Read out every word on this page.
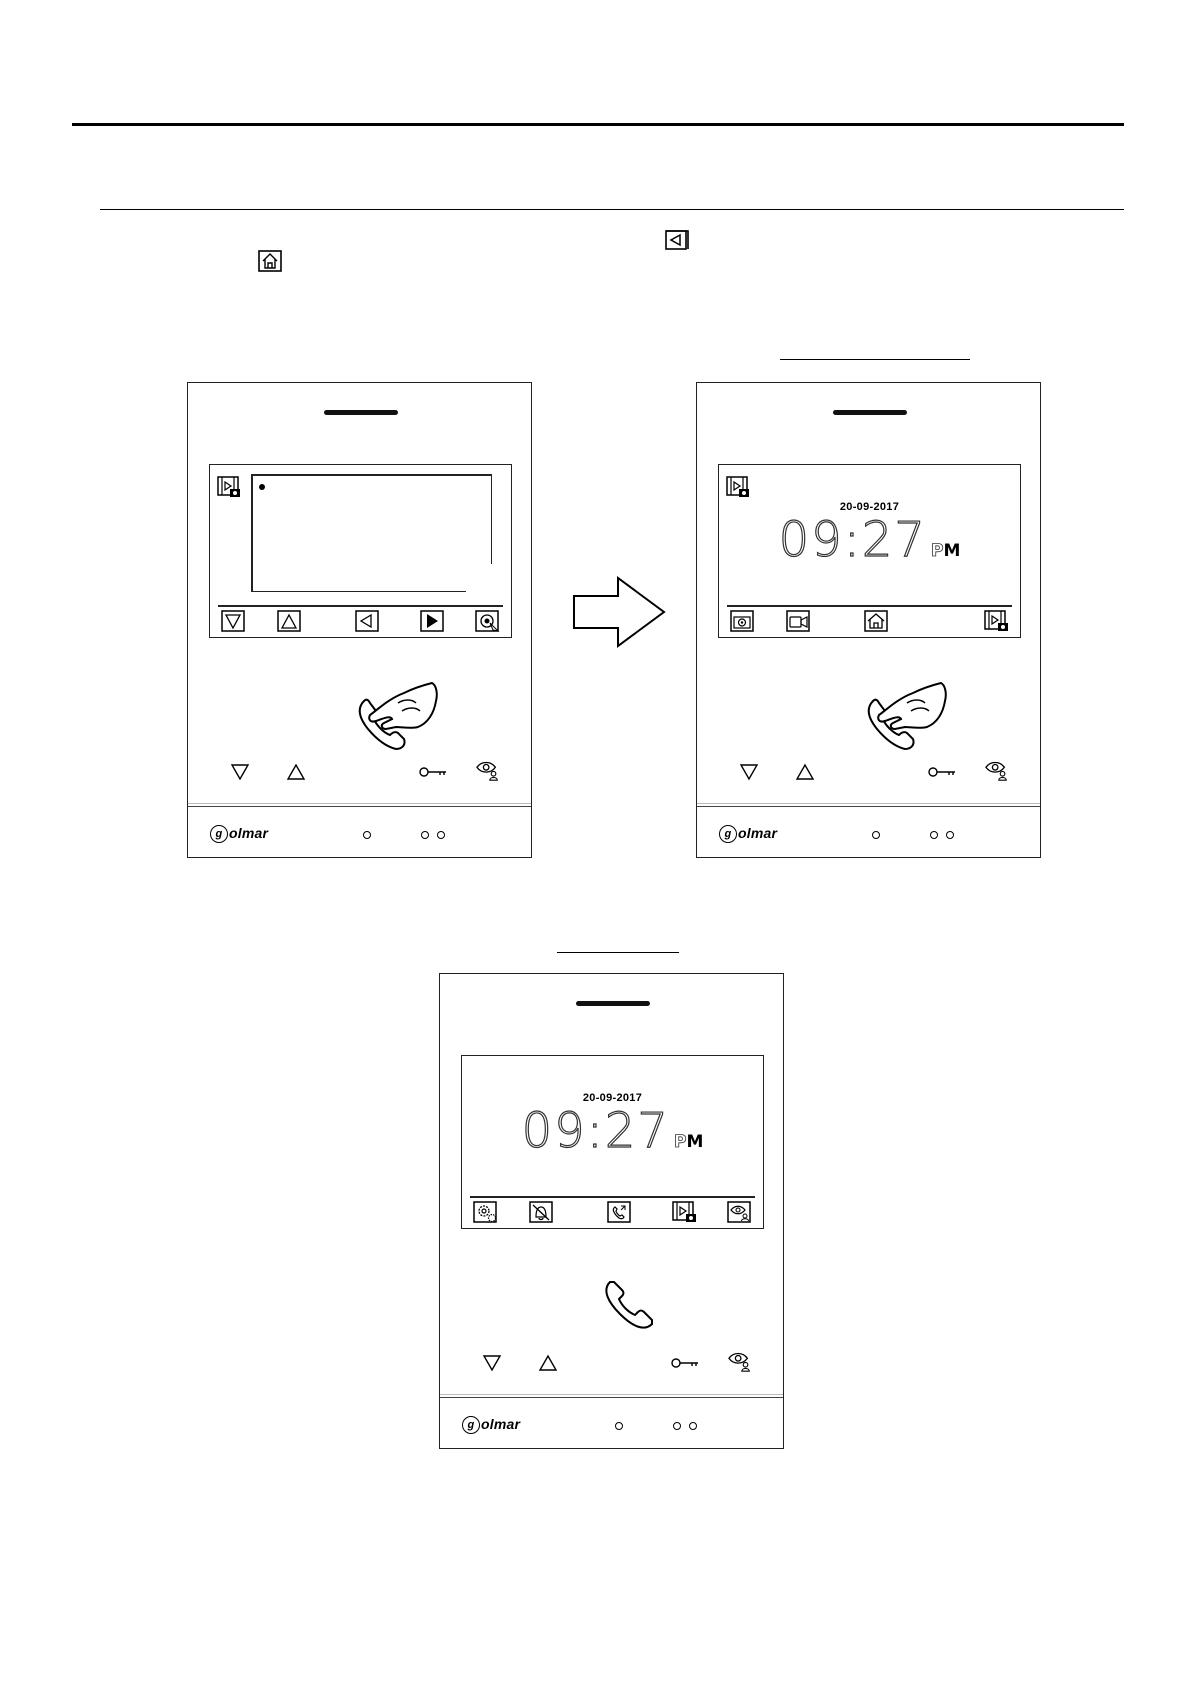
g olmar
20-09-2017
09:27 PM
g olmar
20-09-2017
09:27 PM
g olmar
